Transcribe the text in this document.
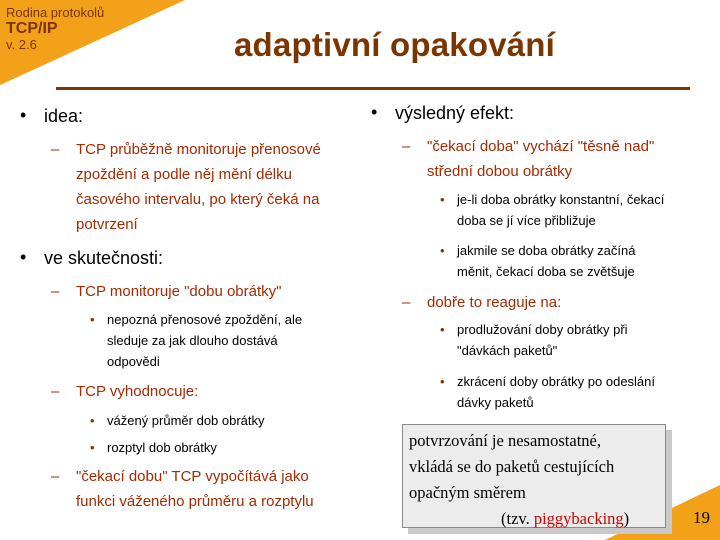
Rodina protokolů
TCP/IP
v. 2.6	adaptivní opakování
• idea:
– TCP průběžně monitoruje přenosové
zpoždění a podle něj mění délku
časového intervalu, po který čeká na
potvrzení
• ve skutečnosti:
– TCP monitoruje "dobu obrátky"
• nepozná přenosové zpoždění, ale
sleduje za jak dlouho dostává
odpovědi
– TCP vyhodnocuje:
• vážený průměr dob obrátky
• rozptyl dob obrátky
– "čekací dobu" TCP vypočítává jako
funkci váženého průměru a rozptylu
• výsledný efekt:
– "čekací doba" vychází "těsně nad"
střední dobou obrátky
• je-li doba obrátky konstantní, čekací
doba se jí více přibližuje
• jakmile se doba obrátky začíná
měnit, čekací doba se zvětšuje
– dobře to reaguje na:
• prodlužování doby obrátky při
"dávkách paketů"
• zkrácení doby obrátky po odeslání
dávky paketů
potvrzování je nesamostatné,
vkládá se do paketů cestujících
opačným směrem
(tzv. piggybacking)	19
